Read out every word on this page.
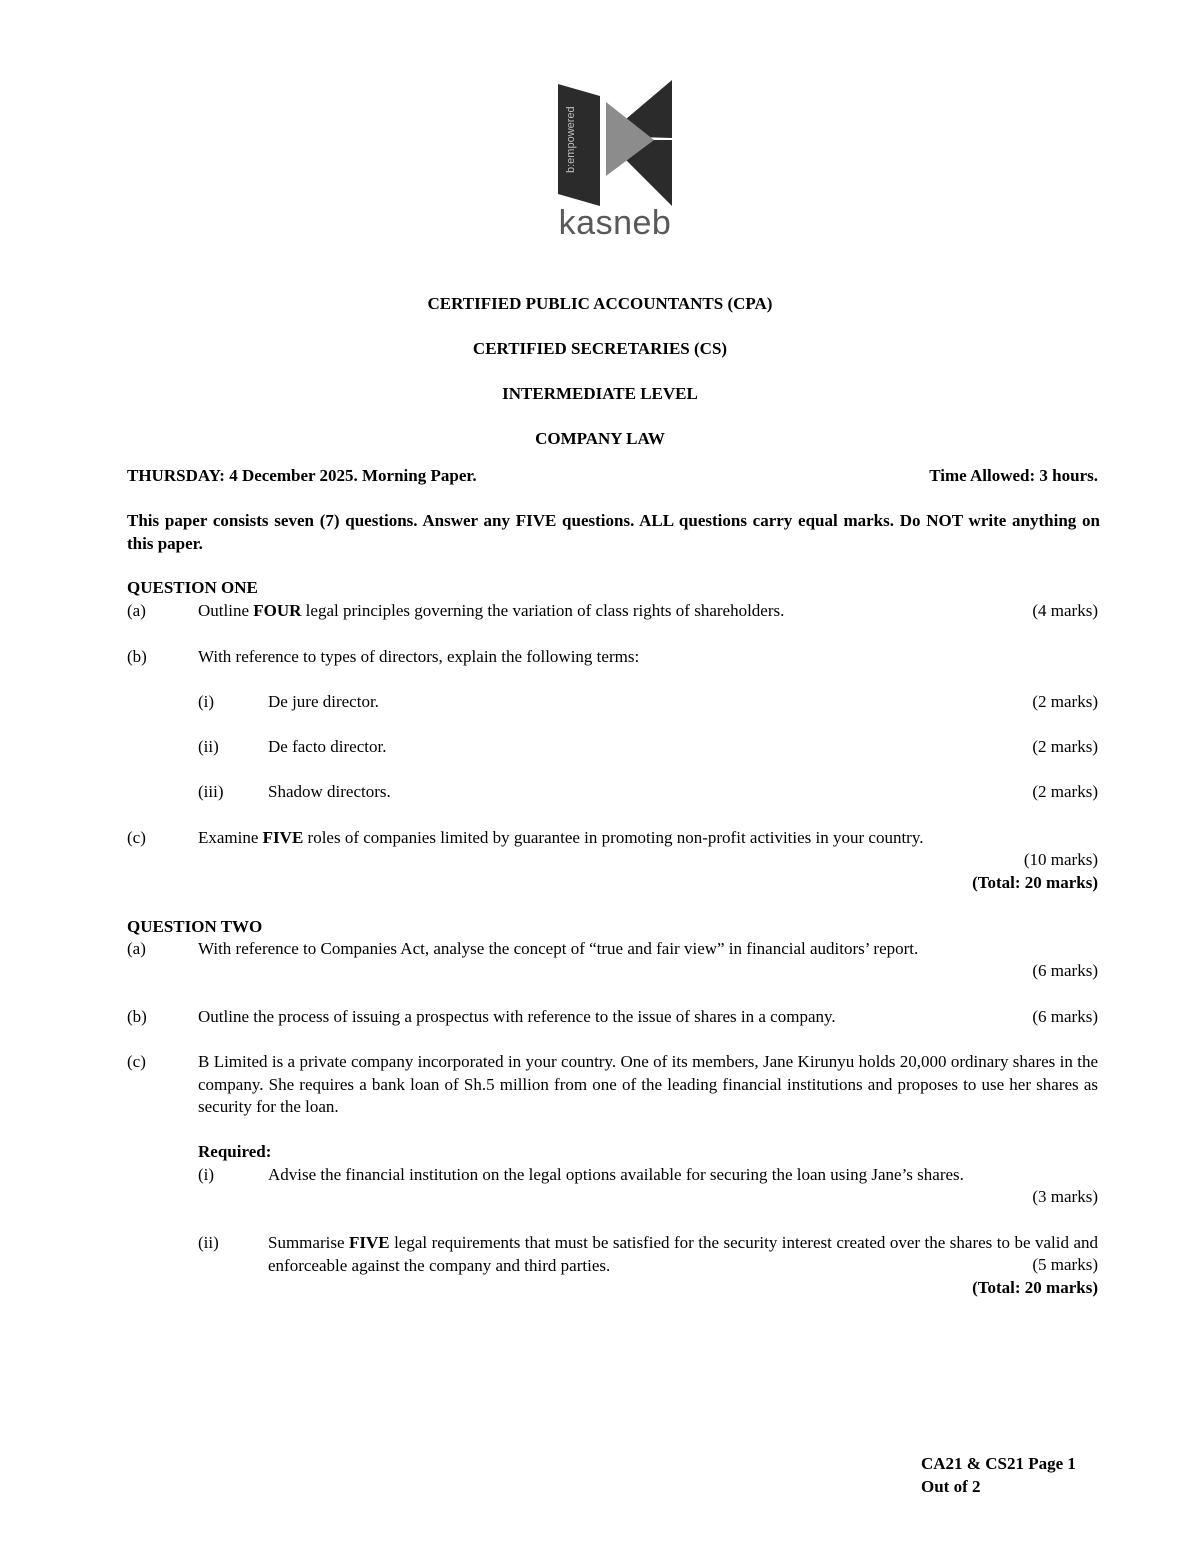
b:empowered
kasneb
CERTIFIED PUBLIC ACCOUNTANTS (CPA)
CERTIFIED SECRETARIES (CS)
INTERMEDIATE LEVEL
COMPANY LAW
THURSDAY: 4 December 2025. Morning Paper.	Time Allowed: 3 hours.
This paper consists seven (7) questions. Answer any FIVE questions. ALL questions carry equal marks. Do NOT write anything on this paper.
QUESTION ONE
(a)	Outline FOUR legal principles governing the variation of class rights of shareholders.	(4 marks)
(b)	With reference to types of directors, explain the following terms:
(i)	De jure director.	(2 marks)
(ii)	De facto director.	(2 marks)
(iii)	Shadow directors.	(2 marks)
(c)	Examine FIVE roles of companies limited by guarantee in promoting non-profit activities in your country.
(10 marks)
(Total: 20 marks)
QUESTION TWO
(a)	With reference to Companies Act, analyse the concept of “true and fair view” in financial auditors’ report.
(6 marks)
(b)	Outline the process of issuing a prospectus with reference to the issue of shares in a company.	(6 marks)
(c)	B Limited is a private company incorporated in your country. One of its members, Jane Kirunyu holds 20,000 ordinary shares in the company. She requires a bank loan of Sh.5 million from one of the leading financial institutions and proposes to use her shares as security for the loan.
Required:
(i)	Advise the financial institution on the legal options available for securing the loan using Jane’s shares.
(3 marks)
(ii)	Summarise FIVE legal requirements that must be satisfied for the security interest created over the shares to be valid and enforceable against the company and third parties.	(5 marks)
(Total: 20 marks)
CA21 & CS21 Page 1
Out of 2
